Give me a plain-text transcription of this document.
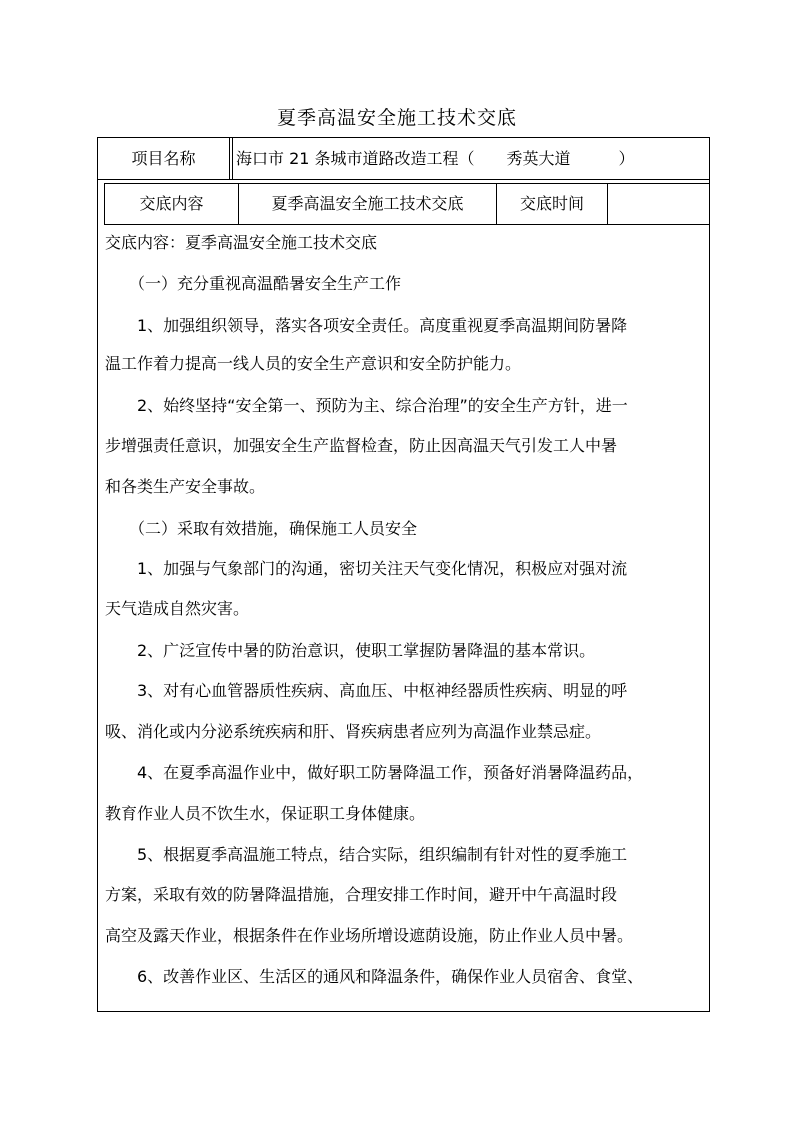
夏季高温安全施工技术交底
项目名称	海口市 21 条城市道路改造工程（　　秀英大道　　　）
交底内容	夏季高温安全施工技术交底	交底时间
交底内容：夏季高温安全施工技术交底
　　（一）充分重视高温酷暑安全生产工作
　　1、加强组织领导，落实各项安全责任。高度重视夏季高温期间防暑降
温工作着力提高一线人员的安全生产意识和安全防护能力。
　　2、始终坚持“安全第一、预防为主、综合治理”的安全生产方针，进一
步增强责任意识，加强安全生产监督检查，防止因高温天气引发工人中暑
和各类生产安全事故。
　　（二）采取有效措施，确保施工人员安全
　　1、加强与气象部门的沟通，密切关注天气变化情况，积极应对强对流
天气造成自然灾害。
　　2、广泛宣传中暑的防治意识，使职工掌握防暑降温的基本常识。
　　3、对有心血管器质性疾病、高血压、中枢神经器质性疾病、明显的呼
吸、消化或内分泌系统疾病和肝、肾疾病患者应列为高温作业禁忌症。
　　4、在夏季高温作业中，做好职工防暑降温工作，预备好消暑降温药品，
教育作业人员不饮生水，保证职工身体健康。
　　5、根据夏季高温施工特点，结合实际，组织编制有针对性的夏季施工
方案，采取有效的防暑降温措施，合理安排工作时间，避开中午高温时段
高空及露天作业，根据条件在作业场所增设遮荫设施，防止作业人员中暑。
　　6、改善作业区、生活区的通风和降温条件，确保作业人员宿舍、食堂、
